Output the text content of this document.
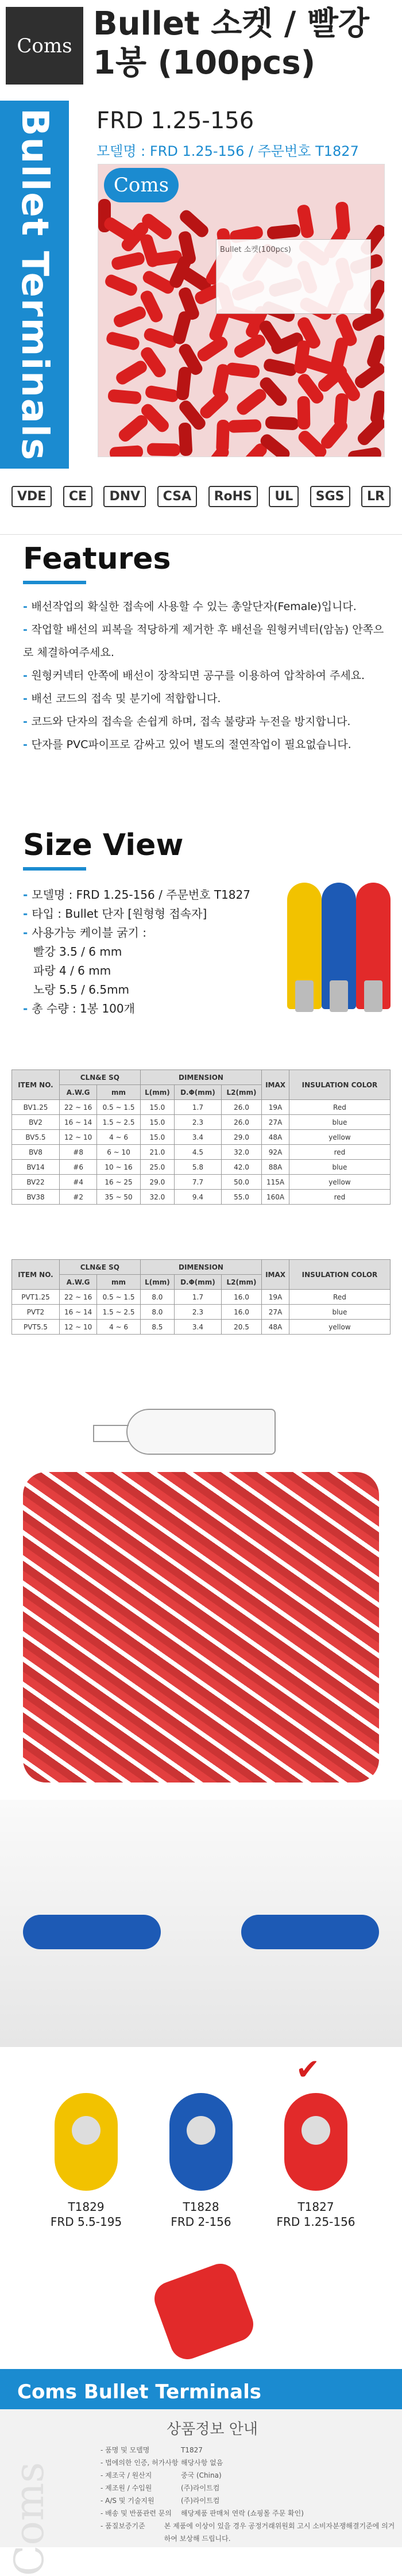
Coms
Bullet 소켓 / 빨강
1봉 (100pcs)
Bullet Terminals FRD 1.25-156
모델명 : FRD 1.25-156 / 주문번호 T1827
Coms
Bullet 소켓(100pcs)
VDE	CE	DNV	CSA	RoHS	UL	SGS	LR
Features
- 배선작업의 확실한 접속에 사용할 수 있는 총알단자(Female)입니다.
- 작업할 배선의 피복을 적당하게 제거한 후 배선을 원형커넥터(암놈) 안쪽으로 체결하여주세요.
- 원형커넥터 안쪽에 배선이 장착되면 공구를 이용하여 압착하여 주세요.
- 배선 코드의 접속 및 분기에 적합합니다.
- 코드와 단자의 접속을 손쉽게 하며, 접속 불량과 누전을 방지합니다.
- 단자를 PVC파이프로 감싸고 있어 별도의 절연작업이 필요없습니다.
Size View
- 모델명 : FRD 1.25-156 / 주문번호 T1827
- 타입 : Bullet 단자 [원형형 접속자]
- 사용가능 케이블 굵기 :
빨강 3.5 / 6 mm
파랑 4 / 6 mm
노랑 5.5 / 6.5mm
- 총 수량 : 1봉 100개
ITEM NO.	CLN&E SQ		DIMENSION			IMAX	INSULATION COLOR
	A.W.G	mm	L(mm)	D.Φ(mm)	L2(mm)		
BV1.25	22 ~ 16	0.5 ~ 1.5	15.0	1.7	26.0	19A	Red
BV2	16 ~ 14	1.5 ~ 2.5	15.0	2.3	26.0	27A	blue
BV5.5	12 ~ 10	4 ~ 6	15.0	3.4	29.0	48A	yellow
BV8	#8	6 ~ 10	21.0	4.5	32.0	92A	red
BV14	#6	10 ~ 16	25.0	5.8	42.0	88A	blue
BV22	#4	16 ~ 25	29.0	7.7	50.0	115A	yellow
BV38	#2	35 ~ 50	32.0	9.4	55.0	160A	red
ITEM NO.	CLN&E SQ		DIMENSION			IMAX	INSULATION COLOR
	A.W.G	mm	L(mm)	D.Φ(mm)	L2(mm)		
PVT1.25	22 ~ 16	0.5 ~ 1.5	8.0	1.7	16.0	19A	Red
PVT2	16 ~ 14	1.5 ~ 2.5	8.0	2.3	16.0	27A	blue
PVT5.5	12 ~ 10	4 ~ 6	8.5	3.4	20.5	48A	yellow
✔
T1829
FRD 5.5-195
T1828
FRD 2-156
T1827
FRD 1.25-156
Coms Bullet Terminals
Coms
상품정보 안내
- 품명 및 모델명	T1827
- 법에의한 인증, 허가사항 해당사항 없음
- 제조국 / 원산지	중국 (China)
- 제조원 / 수입원	(주)라이트컴
- A/S 및 기술지원	(주)라이트컴
- 배송 및 반품관련 문의	해당제품 판매처 연락 (쇼핑몰 주문 확인)
- 품질보증기준	본 제품에 이상이 있을 경우 공정거래위원회 고시 소비자분쟁해결기준에 의거하여 보상해 드립니다.
